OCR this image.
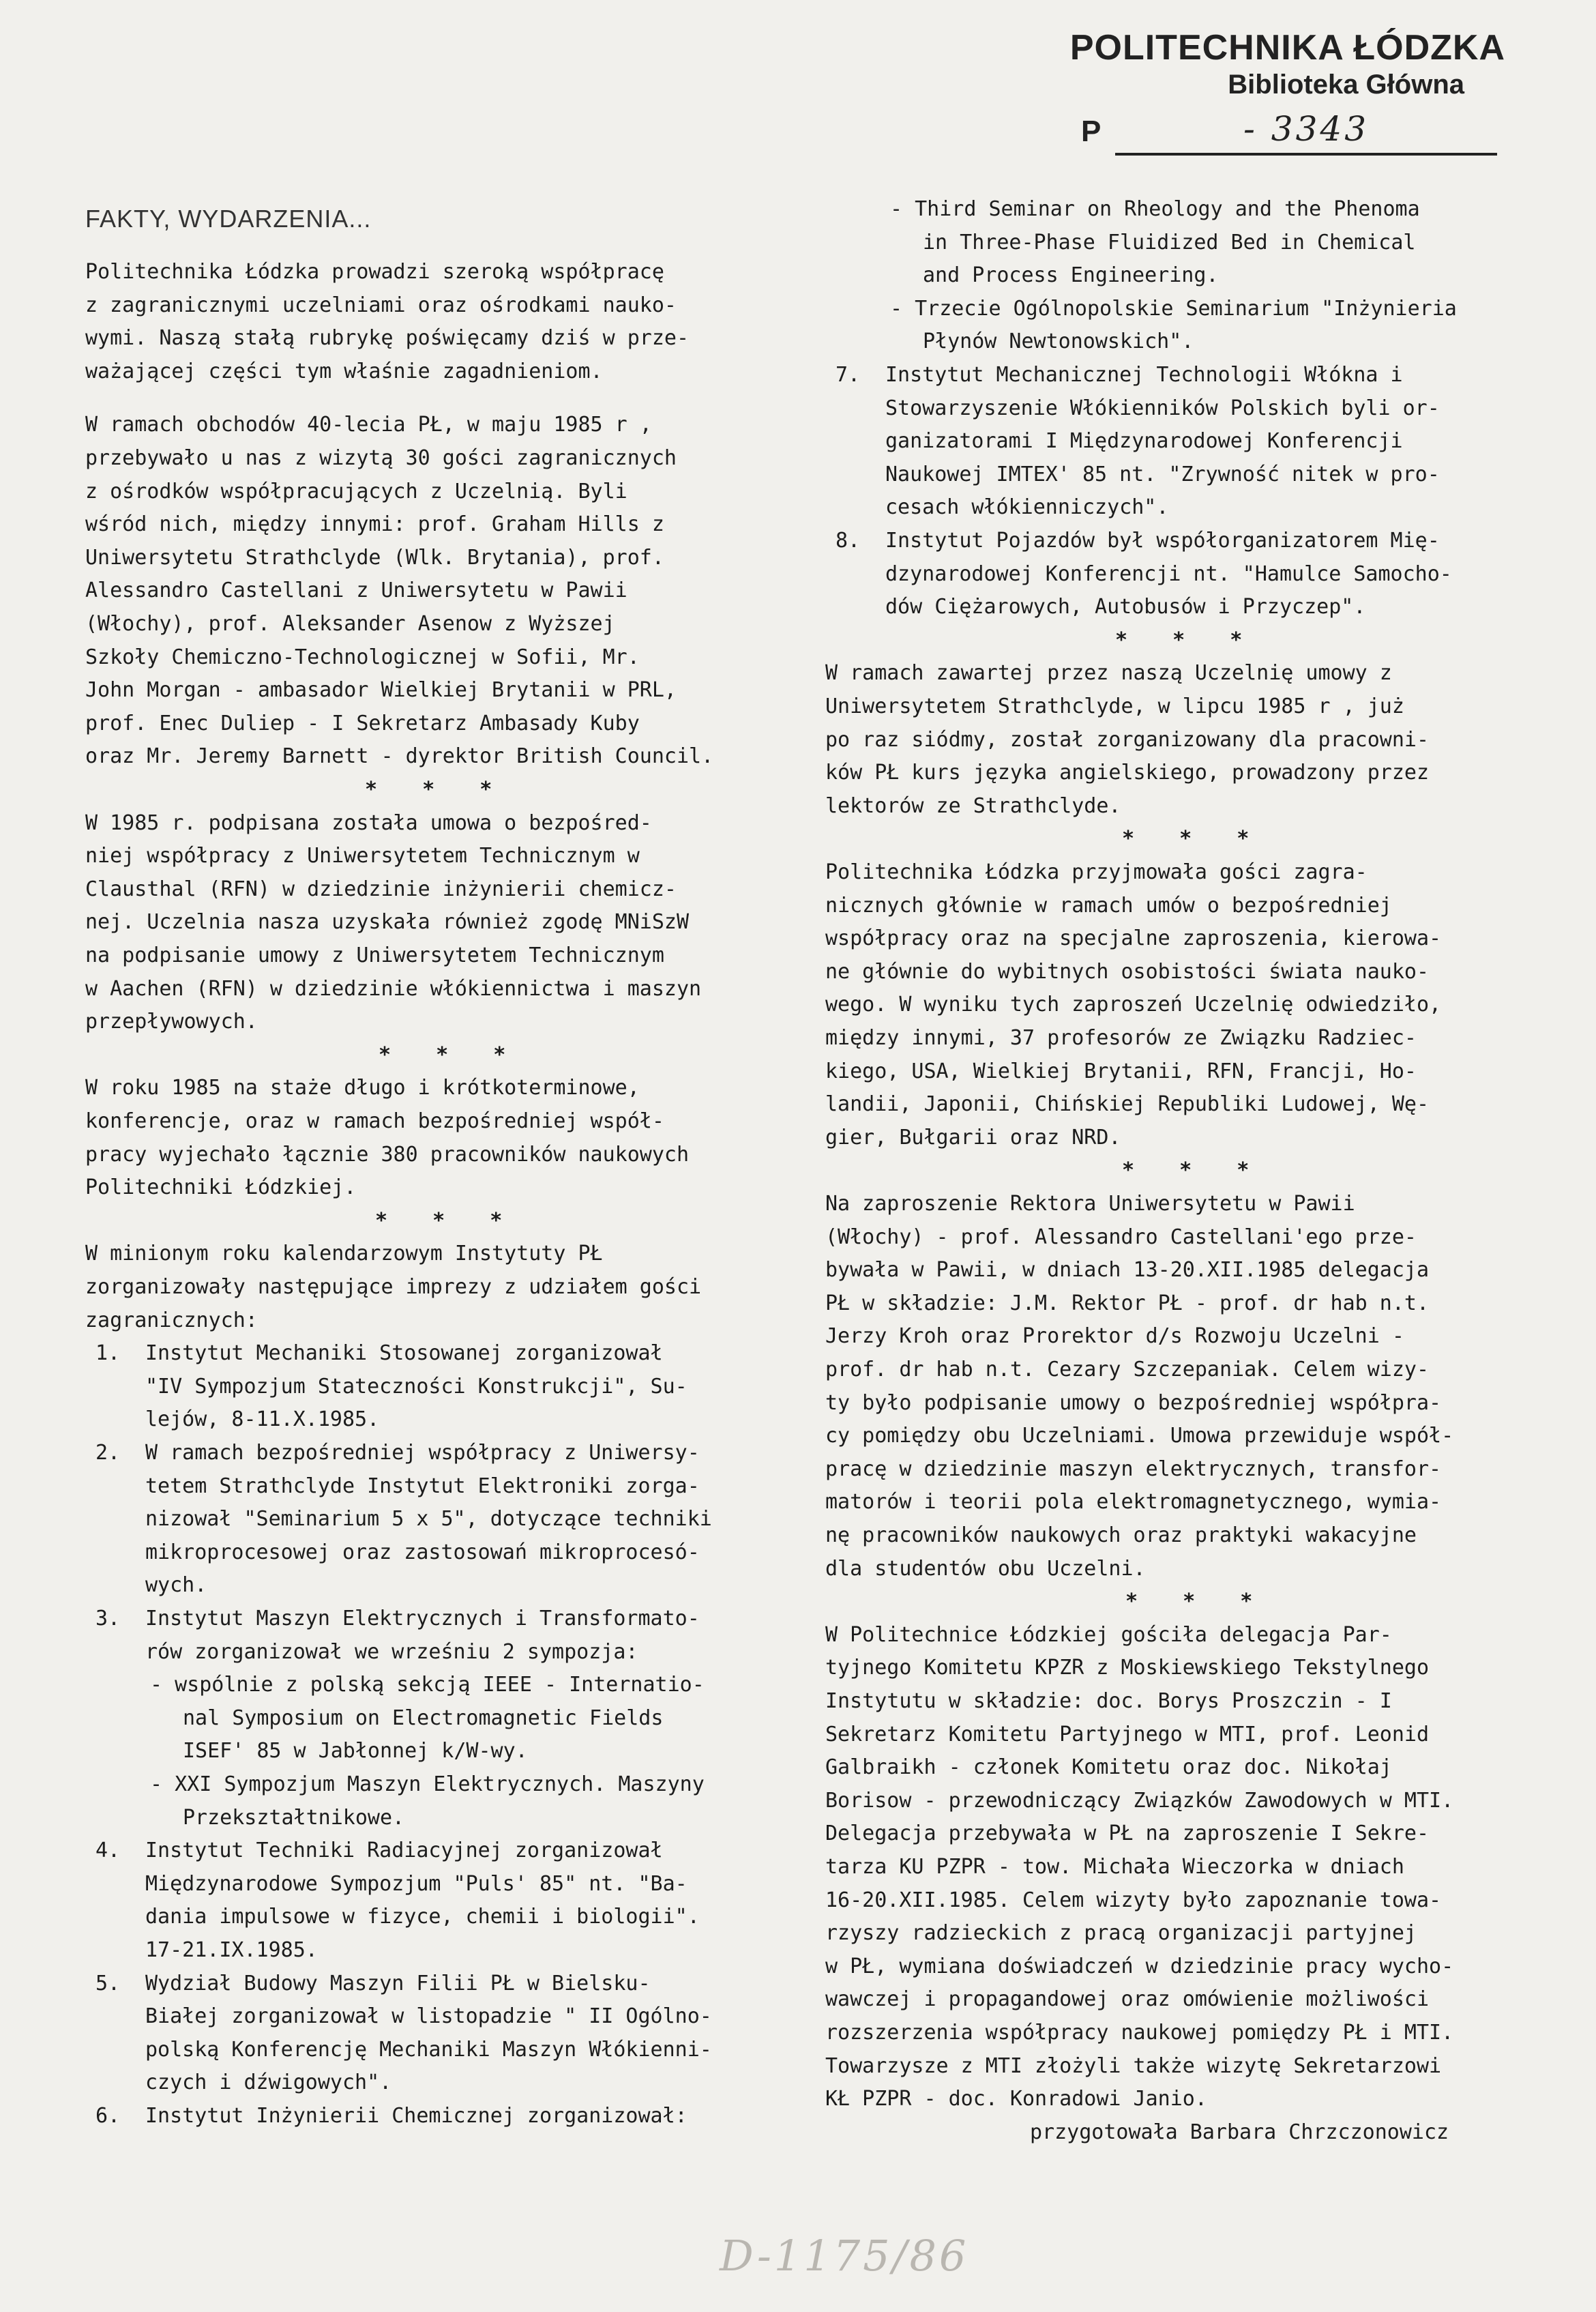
POLITECHNIKA ŁÓDZKA
Biblioteka Główna
P	- 3343
FAKTY, WYDARZENIA...
Politechnika Łódzka prowadzi szeroką współpracę
z zagranicznymi uczelniami oraz ośrodkami nauko-
wymi. Naszą stałą rubrykę poświęcamy dziś w prze-
ważającej części tym właśnie zagadnieniom.
W ramach obchodów 40-lecia PŁ, w maju 1985 r ,
przebywało u nas z wizytą 30 gości zagranicznych
z ośrodków współpracujących z Uczelnią. Byli
wśród nich, między innymi: prof. Graham Hills z
Uniwersytetu Strathclyde (Wlk. Brytania), prof.
Alessandro Castellani z Uniwersytetu w Pawii
(Włochy), prof. Aleksander Asenow z Wyższej
Szkoły Chemiczno-Technologicznej w Sofii, Mr.
John Morgan - ambasador Wielkiej Brytanii w PRL,
prof. Enec Duliep - I Sekretarz Ambasady Kuby
oraz Mr. Jeremy Barnett - dyrektor British Council.
* * *
W 1985 r. podpisana została umowa o bezpośred-
niej współpracy z Uniwersytetem Technicznym w
Clausthal (RFN) w dziedzinie inżynierii chemicz-
nej. Uczelnia nasza uzyskała również zgodę MNiSzW
na podpisanie umowy z Uniwersytetem Technicznym
w Aachen (RFN) w dziedzinie włókiennictwa i maszyn
przepływowych.
* * *
W roku 1985 na staże długo i krótkoterminowe,
konferencje, oraz w ramach bezpośredniej współ-
pracy wyjechało łącznie 380 pracowników naukowych
Politechniki Łódzkiej.
* * *
W minionym roku kalendarzowym Instytuty PŁ
zorganizowały następujące imprezy z udziałem gości
zagranicznych:
1. Instytut Mechaniki Stosowanej zorganizował
"IV Sympozjum Stateczności Konstrukcji", Su-
lejów, 8-11.X.1985.
2. W ramach bezpośredniej współpracy z Uniwersy-
tetem Strathclyde Instytut Elektroniki zorga-
nizował "Seminarium 5 x 5", dotyczące techniki
mikroprocesowej oraz zastosowań mikroprocesó-
wych.
3. Instytut Maszyn Elektrycznych i Transformato-
rów zorganizował we wrześniu 2 sympozja:
- wspólnie z polską sekcją IEEE - Internatio-
nal Symposium on Electromagnetic Fields
ISEF' 85 w Jabłonnej k/W-wy.
- XXI Sympozjum Maszyn Elektrycznych. Maszyny
Przekształtnikowe.
4. Instytut Techniki Radiacyjnej zorganizował
Międzynarodowe Sympozjum "Puls' 85" nt. "Ba-
dania impulsowe w fizyce, chemii i biologii".
17-21.IX.1985.
5. Wydział Budowy Maszyn Filii PŁ w Bielsku-
Białej zorganizował w listopadzie " II Ogólno-
polską Konferencję Mechaniki Maszyn Włókienni-
czych i dźwigowych".
6. Instytut Inżynierii Chemicznej zorganizował:
- Third Seminar on Rheology and the Phenoma
in Three-Phase Fluidized Bed in Chemical
and Process Engineering.
- Trzecie Ogólnopolskie Seminarium "Inżynieria
Płynów Newtonowskich".
7. Instytut Mechanicznej Technologii Włókna i
Stowarzyszenie Włókienników Polskich byli or-
ganizatorami I Międzynarodowej Konferencji
Naukowej IMTEX' 85 nt. "Zrywność nitek w pro-
cesach włókienniczych".
8. Instytut Pojazdów był współorganizatorem Mię-
dzynarodowej Konferencji nt. "Hamulce Samocho-
dów Ciężarowych, Autobusów i Przyczep".
* * *
W ramach zawartej przez naszą Uczelnię umowy z
Uniwersytetem Strathclyde, w lipcu 1985 r , już
po raz siódmy, został zorganizowany dla pracowni-
ków PŁ kurs języka angielskiego, prowadzony przez
lektorów ze Strathclyde.
* * *
Politechnika Łódzka przyjmowała gości zagra-
nicznych głównie w ramach umów o bezpośredniej
współpracy oraz na specjalne zaproszenia, kierowa-
ne głównie do wybitnych osobistości świata nauko-
wego. W wyniku tych zaproszeń Uczelnię odwiedziło,
między innymi, 37 profesorów ze Związku Radziec-
kiego, USA, Wielkiej Brytanii, RFN, Francji, Ho-
landii, Japonii, Chińskiej Republiki Ludowej, Wę-
gier, Bułgarii oraz NRD.
* * *
Na zaproszenie Rektora Uniwersytetu w Pawii
(Włochy) - prof. Alessandro Castellani'ego prze-
bywała w Pawii, w dniach 13-20.XII.1985 delegacja
PŁ w składzie: J.M. Rektor PŁ - prof. dr hab n.t.
Jerzy Kroh oraz Prorektor d/s Rozwoju Uczelni -
prof. dr hab n.t. Cezary Szczepaniak. Celem wizy-
ty było podpisanie umowy o bezpośredniej współpra-
cy pomiędzy obu Uczelniami. Umowa przewiduje współ-
pracę w dziedzinie maszyn elektrycznych, transfor-
matorów i teorii pola elektromagnetycznego, wymia-
nę pracowników naukowych oraz praktyki wakacyjne
dla studentów obu Uczelni.
* * *
W Politechnice Łódzkiej gościła delegacja Par-
tyjnego Komitetu KPZR z Moskiewskiego Tekstylnego
Instytutu w składzie: doc. Borys Proszczin - I
Sekretarz Komitetu Partyjnego w MTI, prof. Leonid
Galbraikh - członek Komitetu oraz doc. Nikołaj
Borisow - przewodniczący Związków Zawodowych w MTI.
Delegacja przebywała w PŁ na zaproszenie I Sekre-
tarza KU PZPR - tow. Michała Wieczorka w dniach
16-20.XII.1985. Celem wizyty było zapoznanie towa-
rzyszy radzieckich z pracą organizacji partyjnej
w PŁ, wymiana doświadczeń w dziedzinie pracy wycho-
wawczej i propagandowej oraz omówienie możliwości
rozszerzenia współpracy naukowej pomiędzy PŁ i MTI.
Towarzysze z MTI złożyli także wizytę Sekretarzowi
KŁ PZPR - doc. Konradowi Janio.
przygotowała Barbara Chrzczonowicz
D-1175/86
